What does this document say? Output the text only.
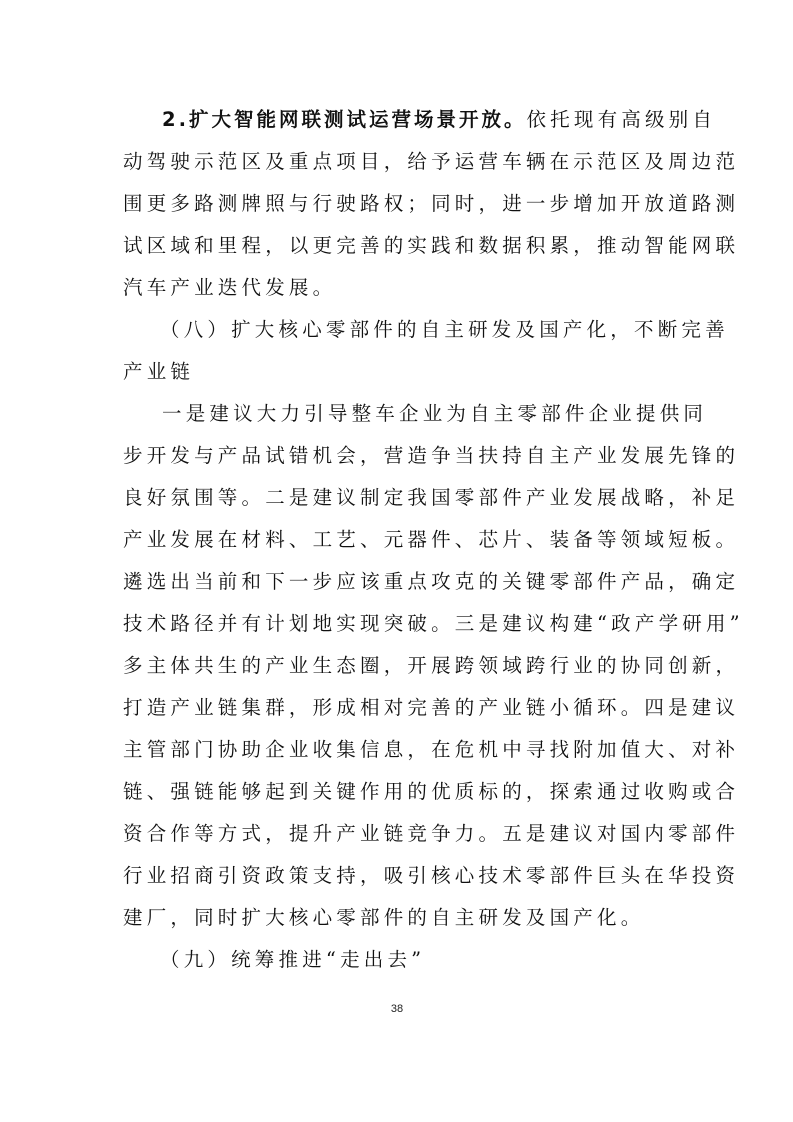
2.扩大智能网联测试运营场景开放。依托现有高级别自
动驾驶示范区及重点项目，给予运营车辆在示范区及周边范
围更多路测牌照与行驶路权；同时，进一步增加开放道路测
试区域和里程，以更完善的实践和数据积累，推动智能网联
汽车产业迭代发展。
（八）扩大核心零部件的自主研发及国产化，不断完善
产业链
一是建议大力引导整车企业为自主零部件企业提供同
步开发与产品试错机会，营造争当扶持自主产业发展先锋的
良好氛围等。二是建议制定我国零部件产业发展战略，补足
产业发展在材料、工艺、元器件、芯片、装备等领域短板。
遴选出当前和下一步应该重点攻克的关键零部件产品，确定
技术路径并有计划地实现突破。三是建议构建“政产学研用”
多主体共生的产业生态圈，开展跨领域跨行业的协同创新，
打造产业链集群，形成相对完善的产业链小循环。四是建议
主管部门协助企业收集信息，在危机中寻找附加值大、对补
链、强链能够起到关键作用的优质标的，探索通过收购或合
资合作等方式，提升产业链竞争力。五是建议对国内零部件
行业招商引资政策支持，吸引核心技术零部件巨头在华投资
建厂，同时扩大核心零部件的自主研发及国产化。
（九）统筹推进“走出去”
38
